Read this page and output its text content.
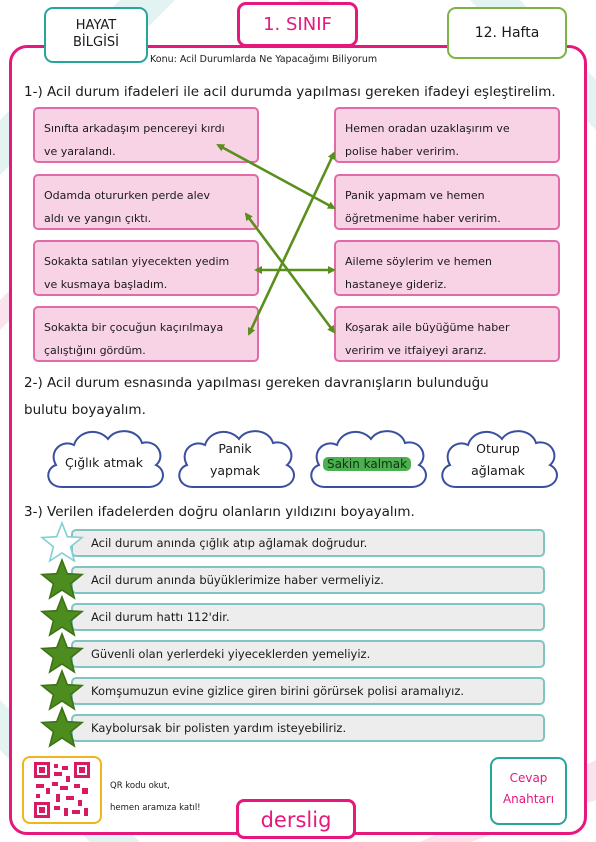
HAYAT
BİLGİSİ
1. SINIF	12. Hafta
Konu: Acil Durumlarda Ne Yapacağımı Biliyorum
1-) Acil durum ifadeleri ile acil durumda yapılması gereken ifadeyi eşleştirelim.
Sınıfta arkadaşım pencereyi kırdı
ve yaralandı.
Odamda otururken perde alev
aldı ve yangın çıktı.
Sokakta satılan yiyecekten yedim
ve kusmaya başladım.
Sokakta bir çocuğun kaçırılmaya
çalıştığını gördüm.
Hemen oradan uzaklaşırım ve
polise haber veririm.
Panik yapmam ve hemen
öğretmenime haber veririm.
Aileme söylerim ve hemen
hastaneye gideriz.
Koşarak aile büyüğüme haber
veririm ve itfaiyeyi ararız.
2-) Acil durum esnasında yapılması gereken davranışların bulunduğu
bulutu boyayalım.
Çığlık atmak
Panik
yapmak	Sakin kalmak
Oturup
ağlamak
3-) Verilen ifadelerden doğru olanların yıldızını boyayalım.
Acil durum anında çığlık atıp ağlamak doğrudur.
Acil durum anında büyüklerimize haber vermeliyiz.
Acil durum hattı 112'dir.
Güvenli olan yerlerdeki yiyeceklerden yemeliyiz.
Komşumuzun evine gizlice giren birini görürsek polisi aramalıyız.
Kaybolursak bir polisten yardım isteyebiliriz.
QR kodu okut,
hemen aramıza katıl!	derslig
Cevap
Anahtarı
